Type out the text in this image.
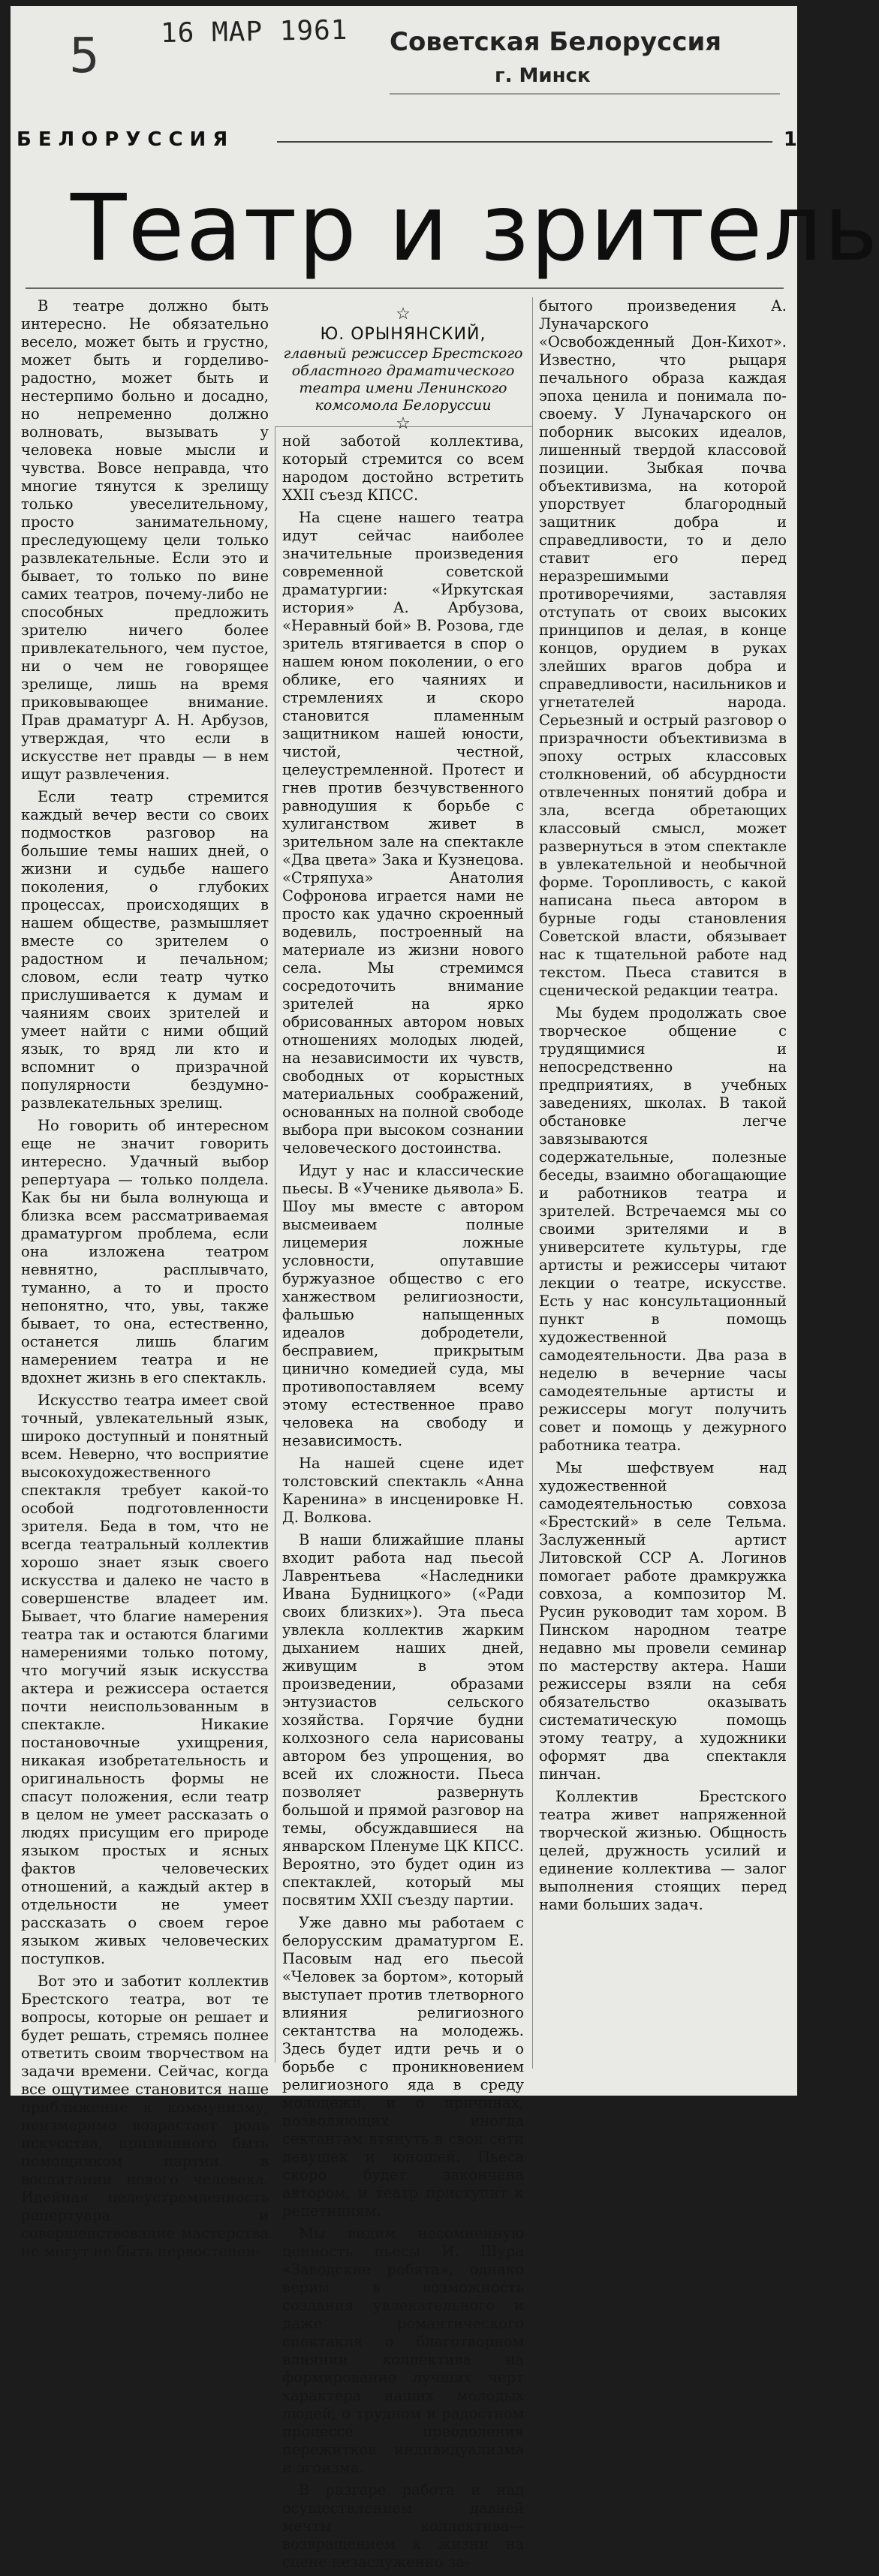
5 16 МАР 1961 Советская Белоруссия
г. Минск
БЕЛОРУССИЯ	1
Театр и зритель
☆
Ю. ОРЫНЯНСКИЙ,
главный режиссер Брестского областного драматического театра имени Ленинского комсомола Белоруссии
☆

В театре должно быть интересно. Не обязательно весело, может быть и грустно, может быть и горделиво-радостно, может быть и нестерпимо больно и досадно, но непременно должно волновать, вызывать у человека новые мысли и чувства. Вовсе неправда, что многие тянутся к зрелищу только увеселительному, просто занимательному, преследующему цели только развлекательные. Если это и бывает, то только по вине самих театров, почему-либо не способных предложить зрителю ничего более привлекательного, чем пустое, ни о чем не говорящее зрелище, лишь на время приковывающее внимание. Прав драматург А. Н. Арбузов, утверждая, что если в искусстве нет правды — в нем ищут развлечения.

Если театр стремится каждый вечер вести со своих подмостков разговор на большие темы наших дней, о жизни и судьбе нашего поколения, о глубоких процессах, происходящих в нашем обществе, размышляет вместе со зрителем о радостном и печальном; словом, если театр чутко прислушивается к думам и чаяниям своих зрителей и умеет найти с ними общий язык, то вряд ли кто и вспомнит о призрачной популярности бездумно-развлекательных зрелищ.

Но говорить об интересном еще не значит говорить интересно. Удачный выбор репертуара — только полдела. Как бы ни была волнующа и близка всем рассматриваемая драматургом проблема, если она изложена театром невнятно, расплывчато, туманно, а то и просто непонятно, что, увы, также бывает, то она, естественно, останется лишь благим намерением театра и не вдохнет жизнь в его спектакль.

Искусство театра имеет свой точный, увлекательный язык, широко доступный и понятный всем. Неверно, что восприятие высокохудожественного спектакля требует какой-то особой подготовленности зрителя. Беда в том, что не всегда театральный коллектив хорошо знает язык своего искусства и далеко не часто в совершенстве владеет им. Бывает, что благие намерения театра так и остаются благими намерениями только потому, что могучий язык искусства актера и режиссера остается почти неиспользованным в спектакле. Никакие постановочные ухищрения, никакая изобретательность и оригинальность формы не спасут положения, если театр в целом не умеет рассказать о людях присущим его природе языком простых и ясных фактов человеческих отношений, а каждый актер в отдельности не умеет рассказать о своем герое языком живых человеческих поступков.

Вот это и заботит коллектив Брестского театра, вот те вопросы, которые он решает и будет решать, стремясь полнее ответить своим творчеством на задачи времени. Сейчас, когда все ощутимее становится наше приближение к коммунизму, неизмеримо возрастает роль искусства, призванного быть помощником партии в воспитании нового человека. Идейная целеустремленность репертуара и совершенствование мастерства не могут не быть первостепен-

ной заботой коллектива, который стремится со всем народом достойно встретить XXII съезд КПСС.

На сцене нашего театра идут сейчас наиболее значительные произведения современной советской драматургии: «Иркутская история» А. Арбузова, «Неравный бой» В. Розова, где зритель втягивается в спор о нашем юном поколении, о его облике, его чаяниях и стремлениях и скоро становится пламенным защитником нашей юности, чистой, честной, целеустремленной. Протест и гнев против безчувственного равнодушия к борьбе с хулиганством живет в зрительном зале на спектакле «Два цвета» Зака и Кузнецова. «Стряпуха» Анатолия Софронова играется нами не просто как удачно скроенный водевиль, построенный на материале из жизни нового села. Мы стремимся сосредоточить внимание зрителей на ярко обрисованных автором новых отношениях молодых людей, на независимости их чувств, свободных от корыстных материальных соображений, основанных на полной свободе выбора при высоком сознании человеческого достоинства.

Идут у нас и классические пьесы. В «Ученике дьявола» Б. Шоу мы вместе с автором высмеиваем полные лицемерия ложные условности, опутавшие буржуазное общество с его ханжеством религиозности, фальшью напыщенных идеалов добродетели, бесправием, прикрытым цинично комедией суда, мы противопоставляем всему этому естественное право человека на свободу и независимость.

На нашей сцене идет толстовский спектакль «Анна Каренина» в инсценировке Н. Д. Волкова.

В наши ближайшие планы входит работа над пьесой Лаврентьева «Наследники Ивана Будницкого» («Ради своих близких»). Эта пьеса увлекла коллектив жарким дыханием наших дней, живущим в этом произведении, образами энтузиастов сельского хозяйства. Горячие будни колхозного села нарисованы автором без упрощения, во всей их сложности. Пьеса позволяет развернуть большой и прямой разговор на темы, обсуждавшиеся на январском Пленуме ЦК КПСС. Вероятно, это будет один из спектаклей, который мы посвятим XXII съезду партии.

Уже давно мы работаем с белорусским драматургом Е. Пасовым над его пьесой «Человек за бортом», который выступает против тлетворного влияния религиозного сектантства на молодежь. Здесь будет идти речь и о борьбе с проникновением религиозного яда в среду молодежи, и о причинах, позволяющих иногда сектантам втянуть в свои сети девушек и юношей. Пьеса скоро будет закончена автором, и театр приступит к репетициям.

Мы видим несомненную ценность пьесы И. Шура «Заводские ребята», однако верим в возможность создания увлекательного и даже романтического спектакля о благотворном влиянии коллектива на формирование лучших черт характера наших молодых людей, о трудном и радостном процессе преодоления пережитков индивидуализма и эгоизма.

В разгаре работа и над осуществлением давней мечты коллектива—возвращением к жизни на сцене незаслуженно за-

бытого произведения А. Луначарского «Освобожденный Дон-Кихот». Известно, что рыцаря печального образа каждая эпоха ценила и понимала по-своему. У Луначарского он поборник высоких идеалов, лишенный твердой классовой позиции. Зыбкая почва объективизма, на которой упорствует благородный защитник добра и справедливости, то и дело ставит его перед неразрешимыми противоречиями, заставляя отступать от своих высоких принципов и делая, в конце концов, орудием в руках злейших врагов добра и справедливости, насильников и угнетателей народа. Серьезный и острый разговор о призрачности объективизма в эпоху острых классовых столкновений, об абсурдности отвлеченных понятий добра и зла, всегда обретающих классовый смысл, может развернуться в этом спектакле в увлекательной и необычной форме. Торопливость, с какой написана пьеса автором в бурные годы становления Советской власти, обязывает нас к тщательной работе над текстом. Пьеса ставится в сценической редакции театра.

Мы будем продолжать свое творческое общение с трудящимися и непосредственно на предприятиях, в учебных заведениях, школах. В такой обстановке легче завязываются содержательные, полезные беседы, взаимно обогащающие и работников театра и зрителей. Встречаемся мы со своими зрителями и в университете культуры, где артисты и режиссеры читают лекции о театре, искусстве. Есть у нас консультационный пункт в помощь художественной самодеятельности. Два раза в неделю в вечерние часы самодеятельные артисты и режиссеры могут получить совет и помощь у дежурного работника театра.

Мы шефствуем над художественной самодеятельностью совхоза «Брестский» в селе Тельма. Заслуженный артист Литовской ССР А. Логинов помогает работе драмкружка совхоза, а композитор М. Русин руководит там хором. В Пинском народном театре недавно мы провели семинар по мастерству актера. Наши режиссеры взяли на себя обязательство оказывать систематическую помощь этому театру, а художники оформят два спектакля пинчан.

Коллектив Брестского театра живет напряженной творческой жизнью. Общность целей, дружность усилий и единение коллектива — залог выполнения стоящих перед нами больших задач.
